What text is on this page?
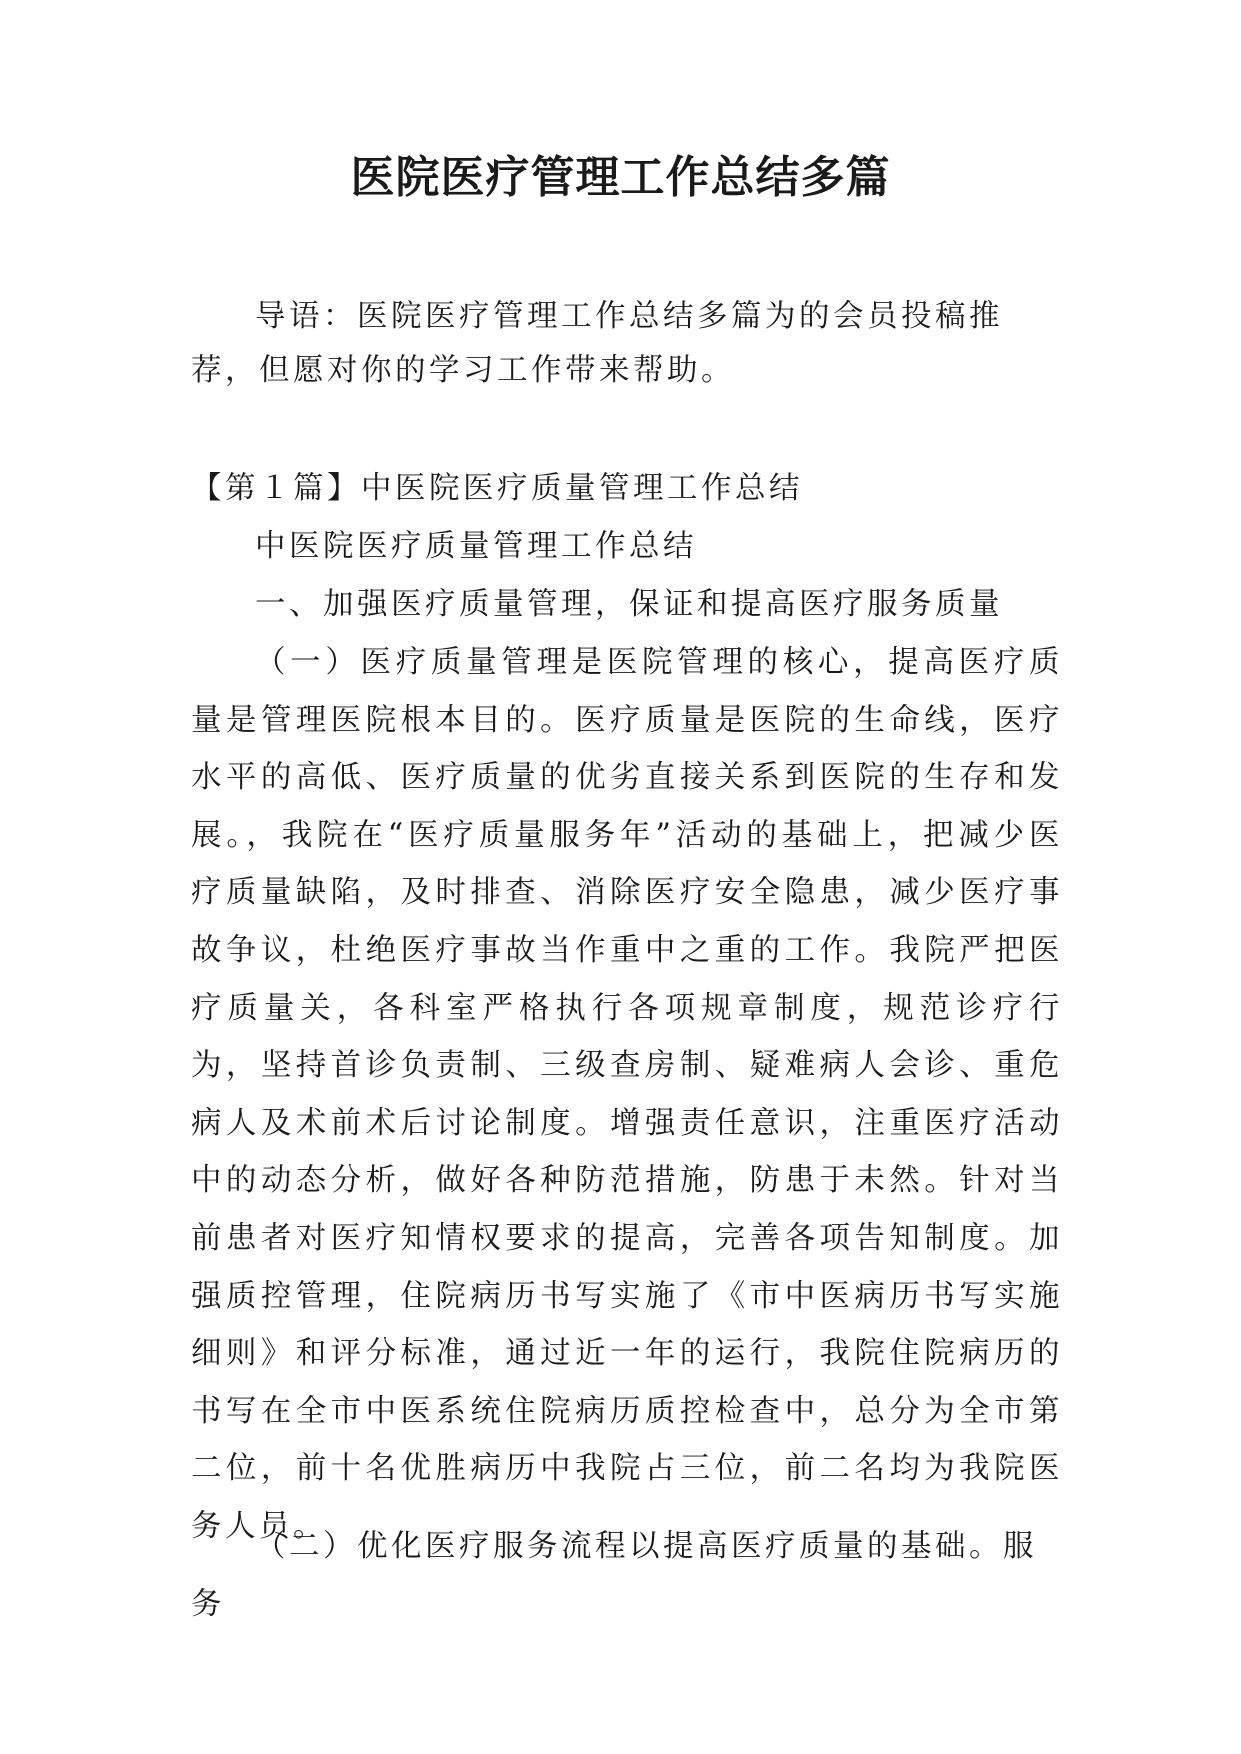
医院医疗管理工作总结多篇

导语：医院医疗管理工作总结多篇为的会员投稿推荐，但愿对你的学习工作带来帮助。

【第１篇】中医院医疗质量管理工作总结

中医院医疗质量管理工作总结

一、加强医疗质量管理，保证和提高医疗服务质量

（一）医疗质量管理是医院管理的核心，提高医疗质量是管理医院根本目的。医疗质量是医院的生命线，医疗水平的高低、医疗质量的优劣直接关系到医院的生存和发展。，我院在“医疗质量服务年”活动的基础上，把减少医疗质量缺陷，及时排查、消除医疗安全隐患，减少医疗事故争议，杜绝医疗事故当作重中之重的工作。我院严把医疗质量关，各科室严格执行各项规章制度，规范诊疗行为，坚持首诊负责制、三级查房制、疑难病人会诊、重危病人及术前术后讨论制度。增强责任意识，注重医疗活动中的动态分析，做好各种防范措施，防患于未然。针对当前患者对医疗知情权要求的提高，完善各项告知制度。加强质控管理，住院病历书写实施了《市中医病历书写实施细则》和评分标准，通过近一年的运行，我院住院病历的书写在全市中医系统住院病历质控检查中，总分为全市第二位，前十名优胜病历中我院占三位，前二名均为我院医务人员。

（二）优化医疗服务流程以提高医疗质量的基础。服务
